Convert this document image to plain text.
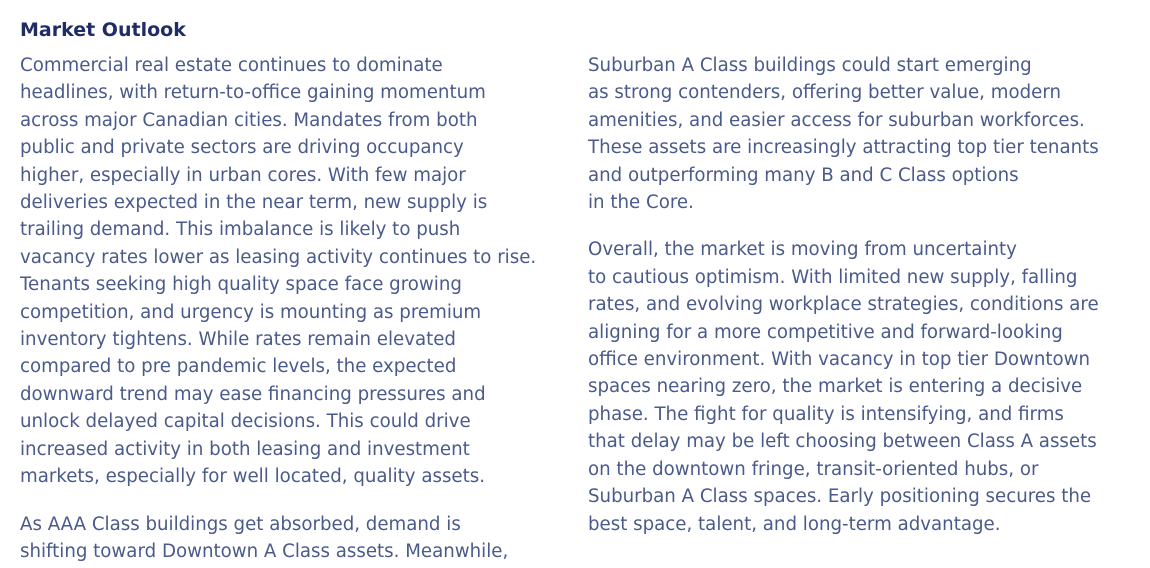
Market Outlook

Commercial real estate continues to dominate
headlines, with return-to-office gaining momentum
across major Canadian cities. Mandates from both
public and private sectors are driving occupancy
higher, especially in urban cores. With few major
deliveries expected in the near term, new supply is
trailing demand. This imbalance is likely to push
vacancy rates lower as leasing activity continues to rise.
Tenants seeking high quality space face growing
competition, and urgency is mounting as premium
inventory tightens. While rates remain elevated
compared to pre pandemic levels, the expected
downward trend may ease financing pressures and
unlock delayed capital decisions. This could drive
increased activity in both leasing and investment
markets, especially for well located, quality assets.

As AAA Class buildings get absorbed, demand is
shifting toward Downtown A Class assets. Meanwhile,

Suburban A Class buildings could start emerging
as strong contenders, offering better value, modern
amenities, and easier access for suburban workforces.
These assets are increasingly attracting top tier tenants
and outperforming many B and C Class options
in the Core.

Overall, the market is moving from uncertainty
to cautious optimism. With limited new supply, falling
rates, and evolving workplace strategies, conditions are
aligning for a more competitive and forward-looking
office environment. With vacancy in top tier Downtown
spaces nearing zero, the market is entering a decisive
phase. The fight for quality is intensifying, and firms
that delay may be left choosing between Class A assets
on the downtown fringe, transit-oriented hubs, or
Suburban A Class spaces. Early positioning secures the
best space, talent, and long-term advantage.
